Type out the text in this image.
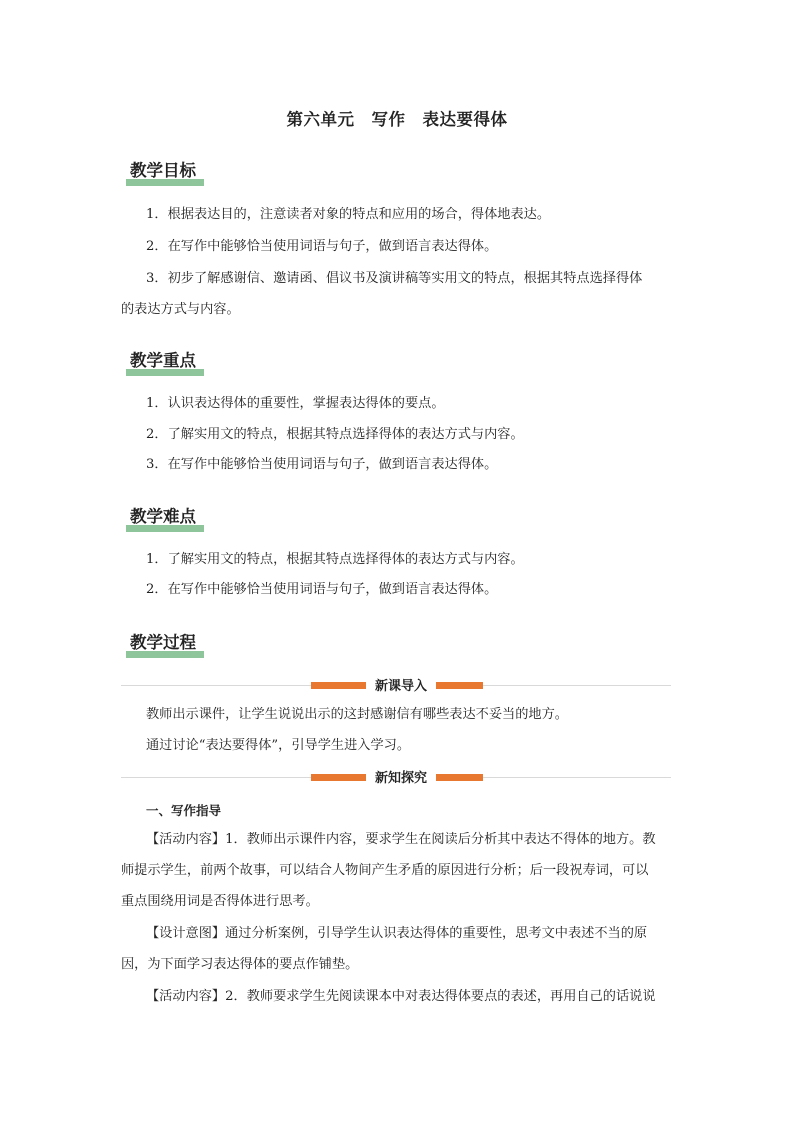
第六单元　写作　表达要得体
教学目标
1．根据表达目的，注意读者对象的特点和应用的场合，得体地表达。
2．在写作中能够恰当使用词语与句子，做到语言表达得体。
3．初步了解感谢信、邀请函、倡议书及演讲稿等实用文的特点，根据其特点选择得体
的表达方式与内容。
教学重点
1．认识表达得体的重要性，掌握表达得体的要点。
2．了解实用文的特点，根据其特点选择得体的表达方式与内容。
3．在写作中能够恰当使用词语与句子，做到语言表达得体。
教学难点
1．了解实用文的特点，根据其特点选择得体的表达方式与内容。
2．在写作中能够恰当使用词语与句子，做到语言表达得体。
教学过程
新课导入
教师出示课件，让学生说说出示的这封感谢信有哪些表达不妥当的地方。
通过讨论“表达要得体”，引导学生进入学习。
新知探究
一、写作指导
【活动内容】1．教师出示课件内容，要求学生在阅读后分析其中表达不得体的地方。教
师提示学生，前两个故事，可以结合人物间产生矛盾的原因进行分析；后一段祝寿词，可以
重点围绕用词是否得体进行思考。
【设计意图】通过分析案例，引导学生认识表达得体的重要性，思考文中表述不当的原
因，为下面学习表达得体的要点作铺垫。
【活动内容】2．教师要求学生先阅读课本中对表达得体要点的表述，再用自己的话说说
